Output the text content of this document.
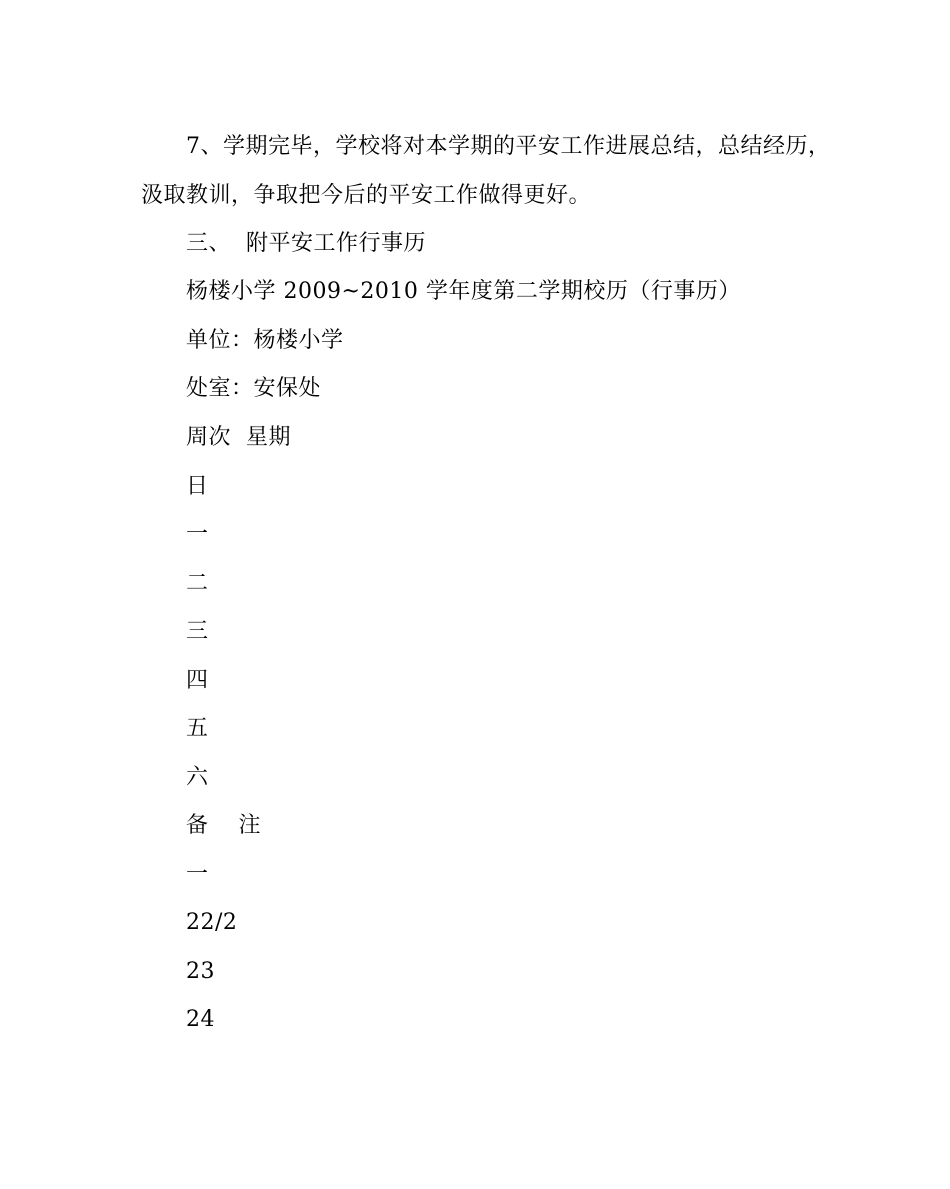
7、学期完毕，学校将对本学期的平安工作进展总结，总结经历，
汲取教训，争取把今后的平安工作做得更好。
三、  附平安工作行事历
杨楼小学 2009~2010 学年度第二学期校历（行事历）
单位：杨楼小学
处室：安保处
周次  星期
日
一
二
三
四
五
六
备    注
一
22/2
23
24
